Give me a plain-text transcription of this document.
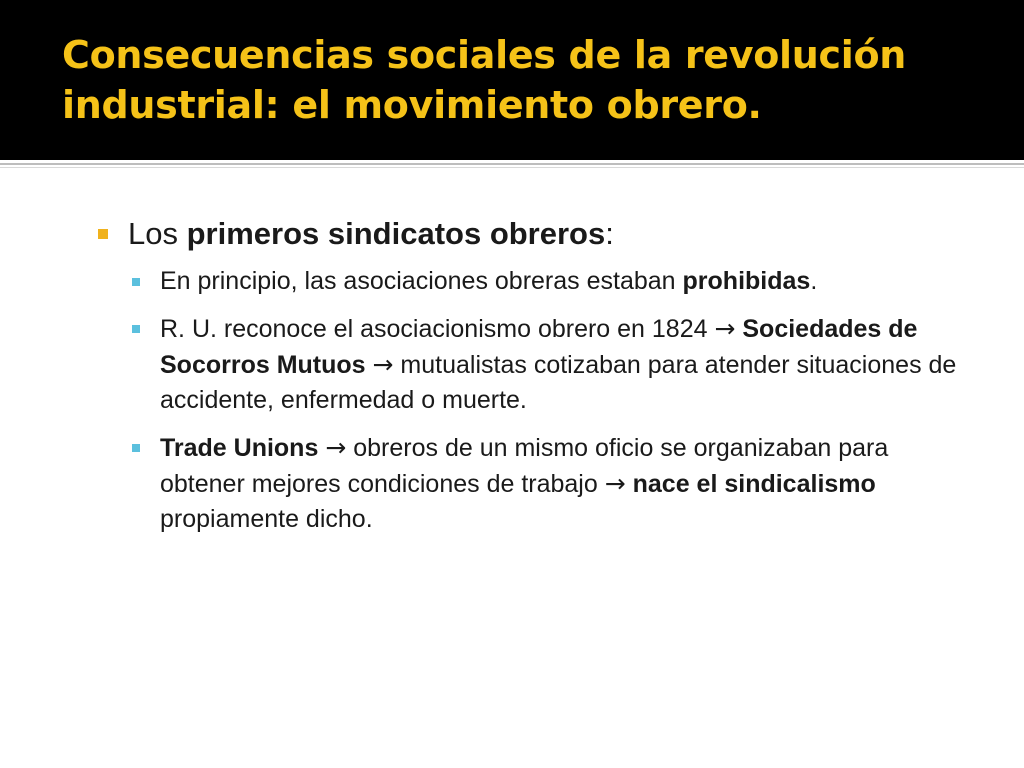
Consecuencias sociales de la revolución industrial: el movimiento obrero.

Los primeros sindicatos obreros:

En principio, las asociaciones obreras estaban prohibidas.

R. U. reconoce el asociacionismo obrero en 1824 → Sociedades de Socorros Mutuos → mutualistas cotizaban para atender situaciones de accidente, enfermedad o muerte.

Trade Unions → obreros de un mismo oficio se organizaban para obtener mejores condiciones de trabajo → nace el sindicalismo propiamente dicho.
